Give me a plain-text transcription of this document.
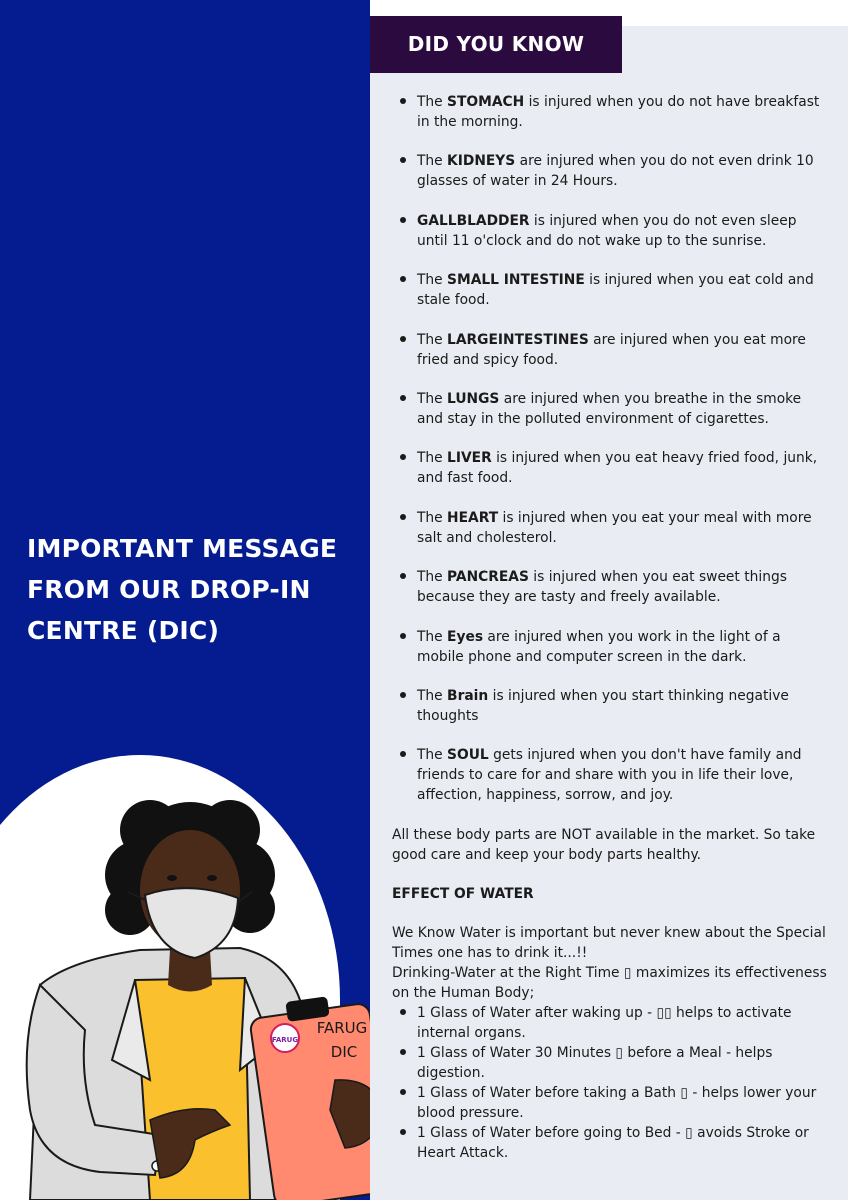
IMPORTANT MESSAGE FROM OUR DROP-IN CENTRE (DIC)
FARUG
FARUG
DIC
DID YOU KNOW
The STOMACH is injured when you do not have breakfast in the morning.
The KIDNEYS are injured when you do not even drink 10 glasses of water in 24 Hours.
GALLBLADDER is injured when you do not even sleep until 11 o'clock and do not wake up to the sunrise.
The SMALL INTESTINE is injured when you eat cold and stale food.
The LARGEINTESTINES are injured when you eat more fried and spicy food.
The LUNGS are injured when you breathe in the smoke and stay in the polluted environment of cigarettes.
The LIVER is injured when you eat heavy fried food, junk, and fast food.
The HEART is injured when you eat your meal with more salt and cholesterol.
The PANCREAS is injured when you eat sweet things because they are tasty and freely available.
The Eyes are injured when you work in the light of a mobile phone and computer screen in the dark.
The Brain is injured when you start thinking negative thoughts
The SOUL gets injured when you don't have family and friends to care for and share with you in life their love, affection, happiness, sorrow, and joy.

All these body parts are NOT available in the market. So take good care and keep your body parts healthy.

EFFECT OF WATER

We Know Water is important but never knew about the Special Times one has to drink it...!!

Drinking-Water at the Right Time ▯ maximizes its effectiveness on the Human Body;

1 Glass of Water after waking up - ▯▯ helps to activate internal organs.
1 Glass of Water 30 Minutes ▯ before a Meal - helps digestion.
1 Glass of Water before taking a Bath ▯ - helps lower your blood pressure.
1 Glass of Water before going to Bed - ▯ avoids Stroke or Heart Attack.
